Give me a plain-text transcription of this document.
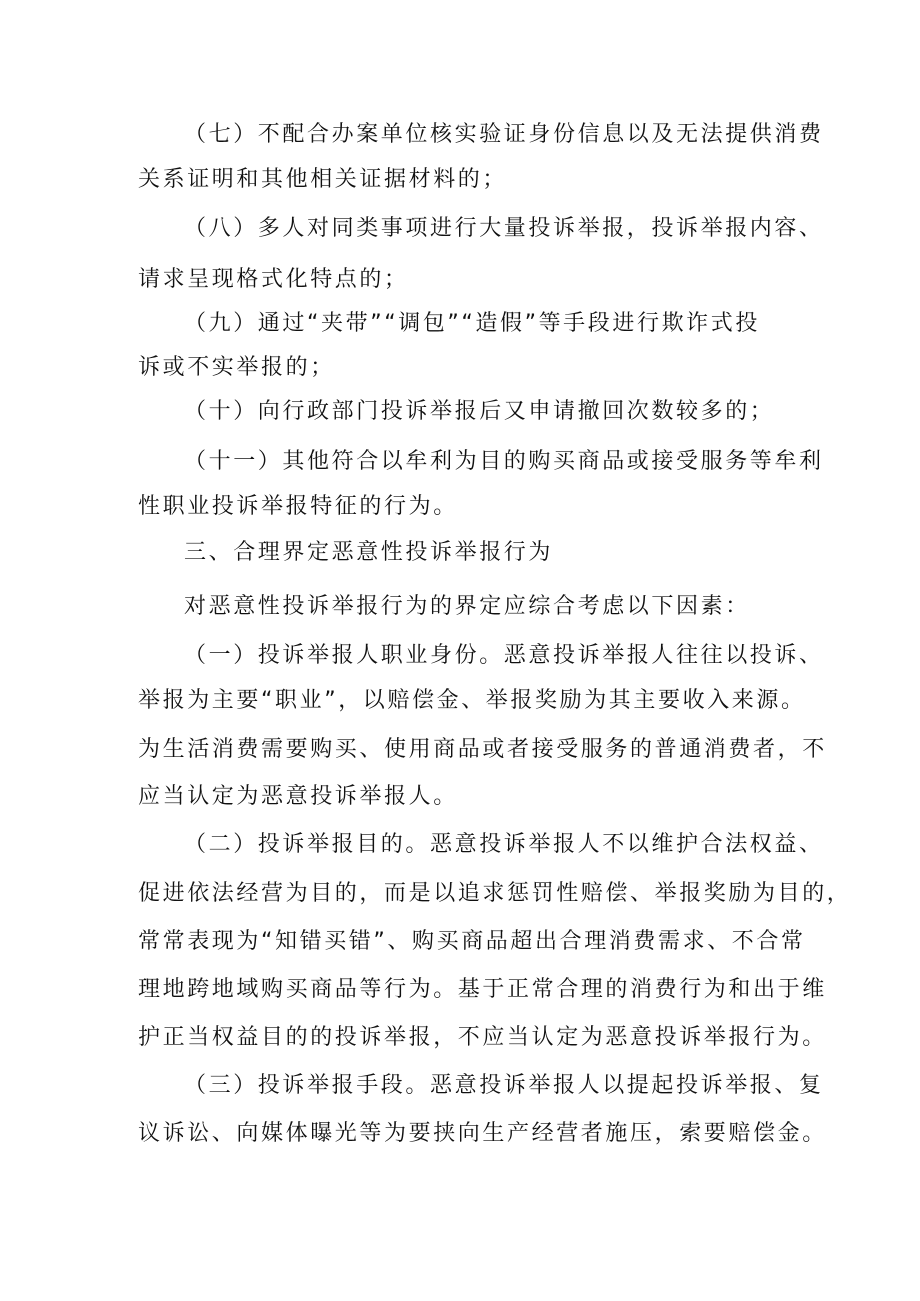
（七）不配合办案单位核实验证身份信息以及无法提供消费
关系证明和其他相关证据材料的；
（八）多人对同类事项进行大量投诉举报，投诉举报内容、
请求呈现格式化特点的；
（九）通过“夹带”“调包”“造假”等手段进行欺诈式投
诉或不实举报的；
（十）向行政部门投诉举报后又申请撤回次数较多的；
（十一）其他符合以牟利为目的购买商品或接受服务等牟利
性职业投诉举报特征的行为。
三、合理界定恶意性投诉举报行为
对恶意性投诉举报行为的界定应综合考虑以下因素：
（一）投诉举报人职业身份。恶意投诉举报人往往以投诉、
举报为主要“职业”，以赔偿金、举报奖励为其主要收入来源。
为生活消费需要购买、使用商品或者接受服务的普通消费者，不
应当认定为恶意投诉举报人。
（二）投诉举报目的。恶意投诉举报人不以维护合法权益、
促进依法经营为目的，而是以追求惩罚性赔偿、举报奖励为目的，
常常表现为“知错买错”、购买商品超出合理消费需求、不合常
理地跨地域购买商品等行为。基于正常合理的消费行为和出于维
护正当权益目的的投诉举报，不应当认定为恶意投诉举报行为。
（三）投诉举报手段。恶意投诉举报人以提起投诉举报、复
议诉讼、向媒体曝光等为要挟向生产经营者施压，索要赔偿金。
